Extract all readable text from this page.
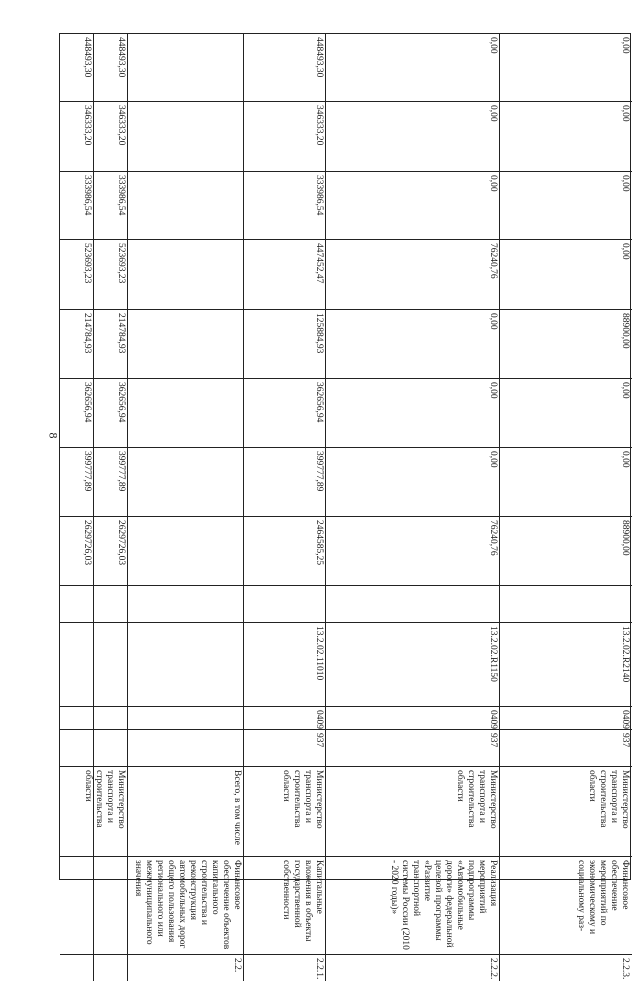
8
448493,30
346333,20
333986,54
523693,23
214784,93
362656,94
399777,89
2629726,03
448493,30
346333,20
333986,54
523693,23
214784,93
362656,94
399777,89
2629726,03
Министерство транспорта и строительства области	Всего, в том числе
Финансовое обеспечение объектов капитального строительства и реконструкция автомобильных дорог общего пользования регионального или межмуниципального значения
2.2.
448493,30
346333,20
333986,54
447452,47
125884,93
362656,94
399777,89
2464585,25
13.2.02.11010
0409
937
Министерство транспорта и строительства области
Капитальные вложения в объекты государственной собственности
2.2.1.
0,00
0,00
0,00
76240,76
0,00
0,00
0,00
76240,76
13.2.02.R1150
0409
937
Министерство транспорта и строительства области
Реализация мероприятий подпрограммы «Автомобильные дороги» федеральной целевой программы «Развитие транспортной системы России (2010 - 2020 годы)»
2.2.2.
0,00
0,00
0,00
0,00
88900,00
0,00
0,00
88900,00
13.2.02.R2140
0409
937
Министерство транспорта и строительства области
Финансовое обеспечение мероприятий по экономическому и социальному раз-
2.2.3.
